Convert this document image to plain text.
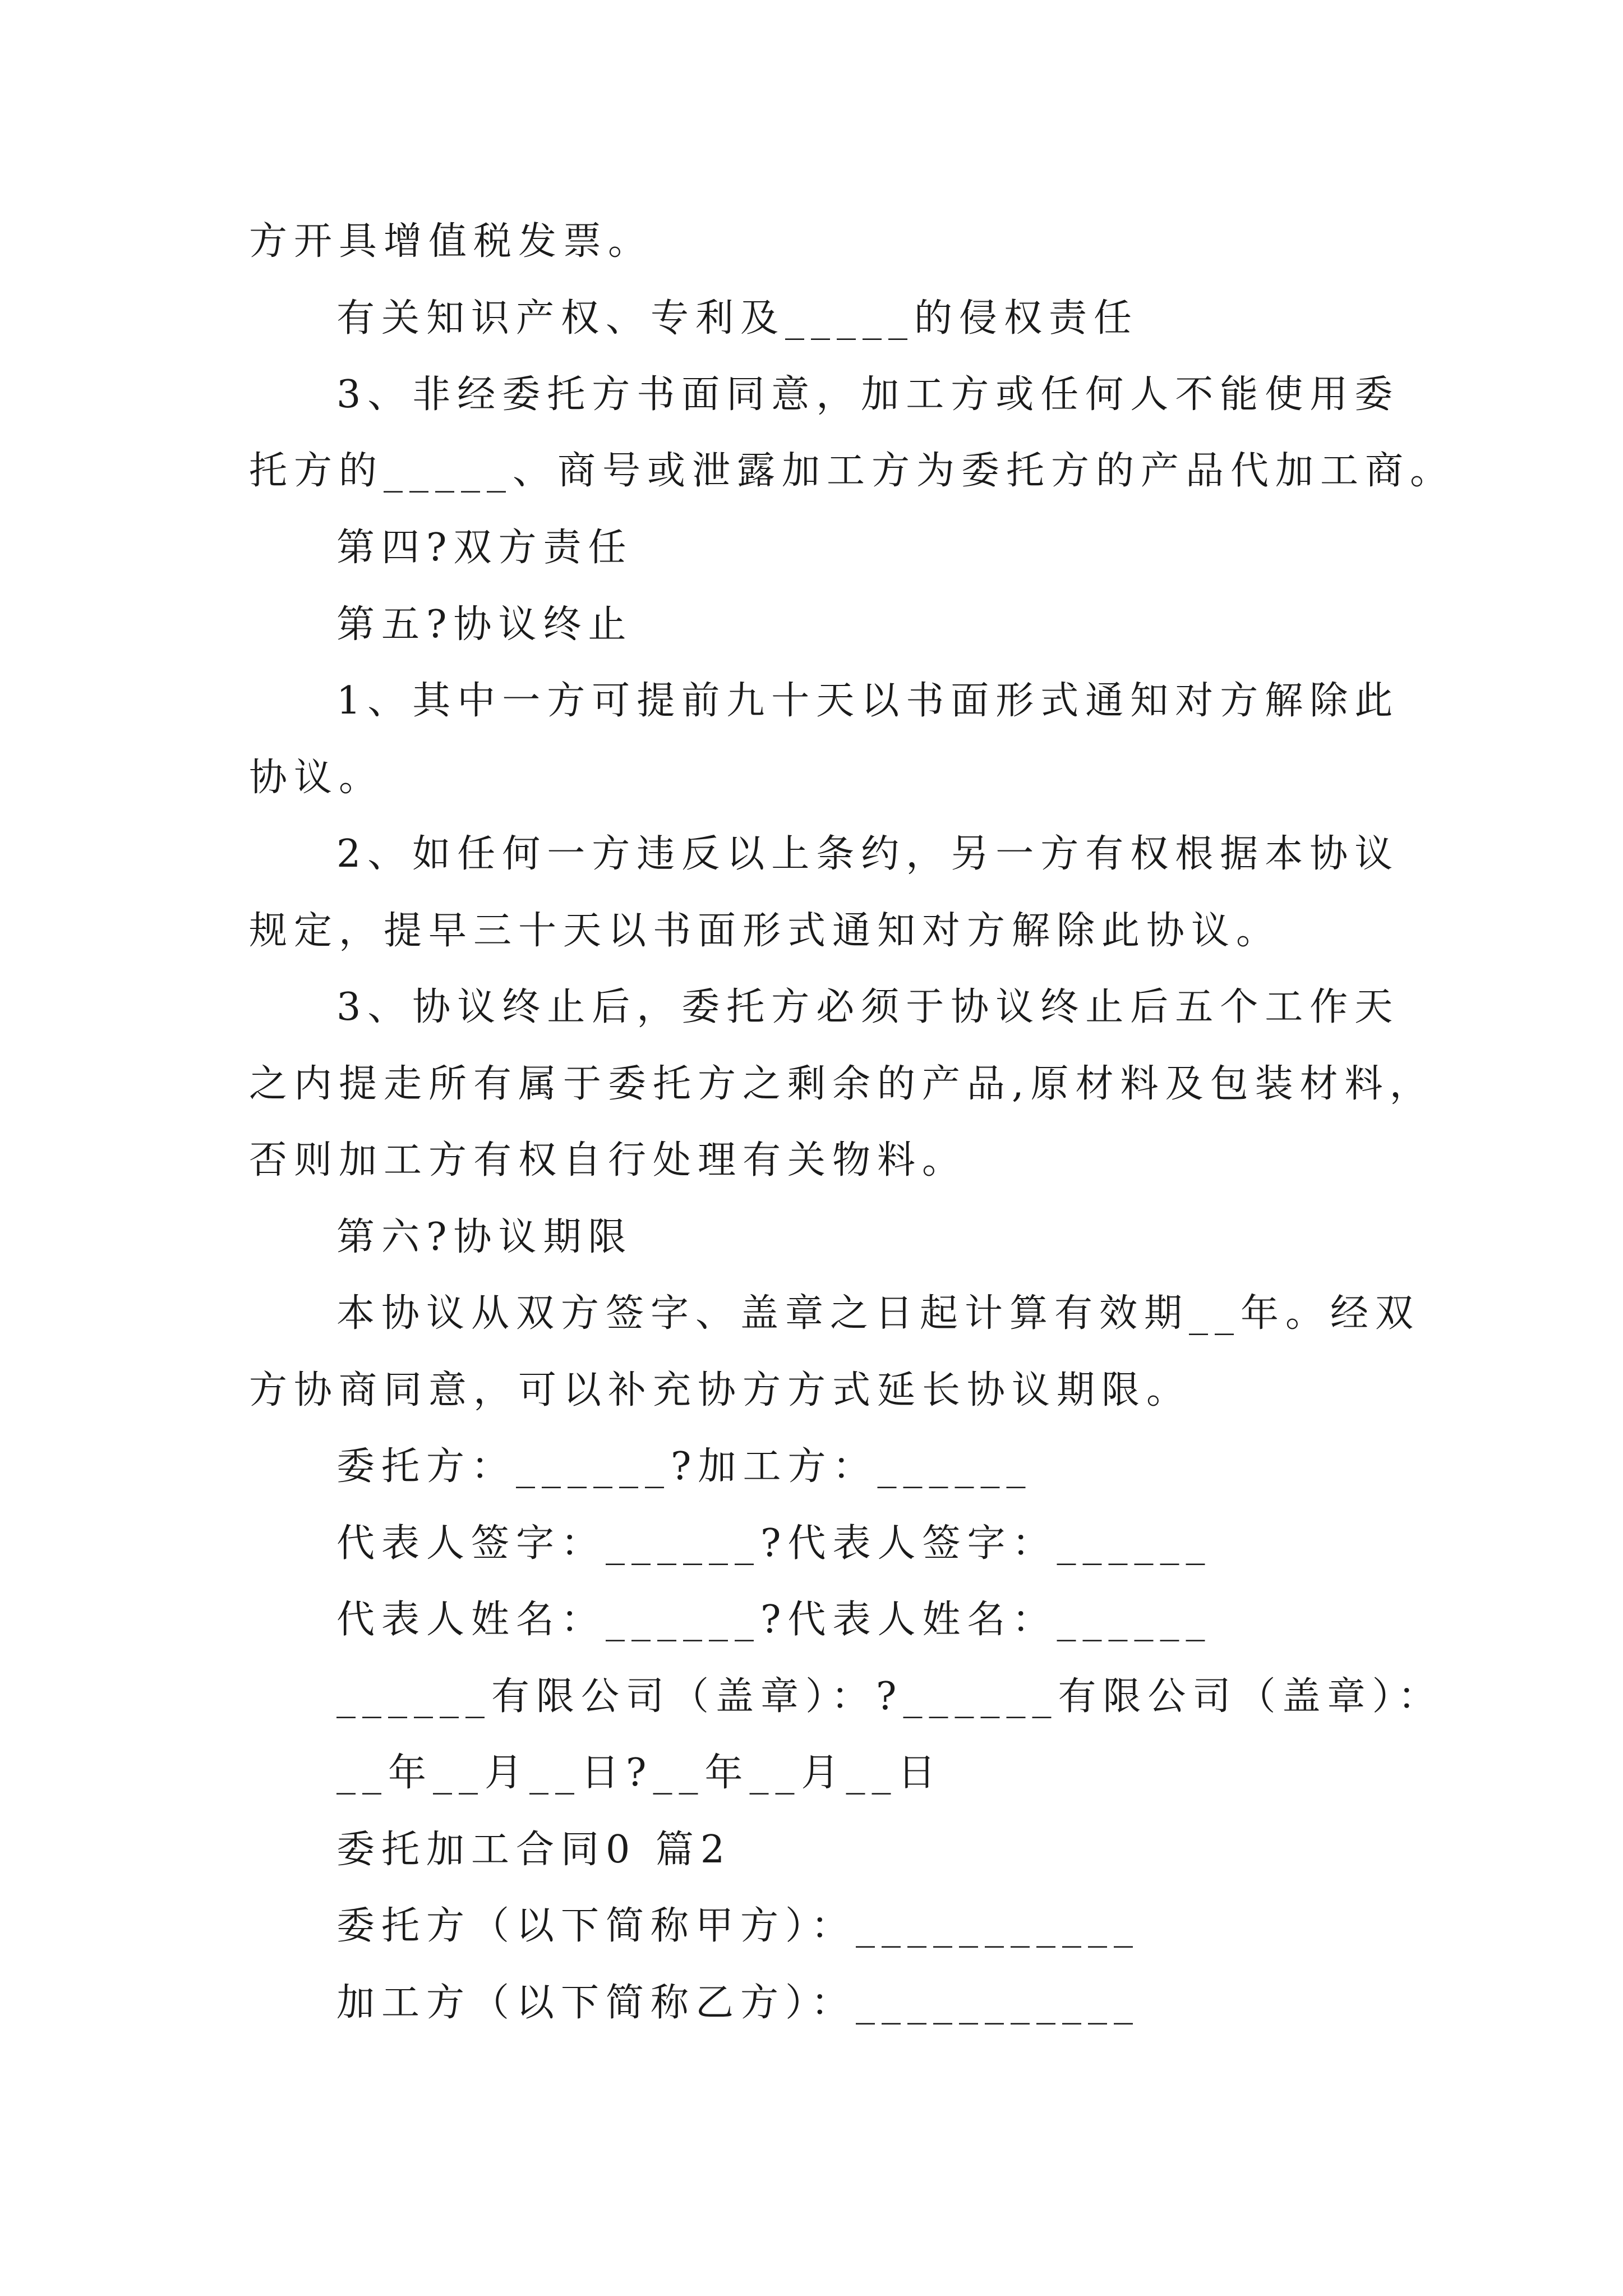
方开具增值税发票。
有关知识产权、专利及_____的侵权责任
3、非经委托方书面同意，加工方或任何人不能使用委
托方的_____、商号或泄露加工方为委托方的产品代加工商。
第四?双方责任
第五?协议终止
1、其中一方可提前九十天以书面形式通知对方解除此
协议。
2、如任何一方违反以上条约，另一方有权根据本协议
规定，提早三十天以书面形式通知对方解除此协议。
3、协议终止后，委托方必须于协议终止后五个工作天
之内提走所有属于委托方之剩余的产品,原材料及包装材料，
否则加工方有权自行处理有关物料。
第六?协议期限
本协议从双方签字、盖章之日起计算有效期__年。经双
方协商同意，可以补充协方方式延长协议期限。
委托方：______?加工方：______
代表人签字：______?代表人签字：______
代表人姓名：______?代表人姓名：______
______有限公司（盖章）：?______有限公司（盖章）：
__年__月__日?__年__月__日
委托加工合同0 篇2
委托方（以下简称甲方）：___________
加工方（以下简称乙方）：___________
